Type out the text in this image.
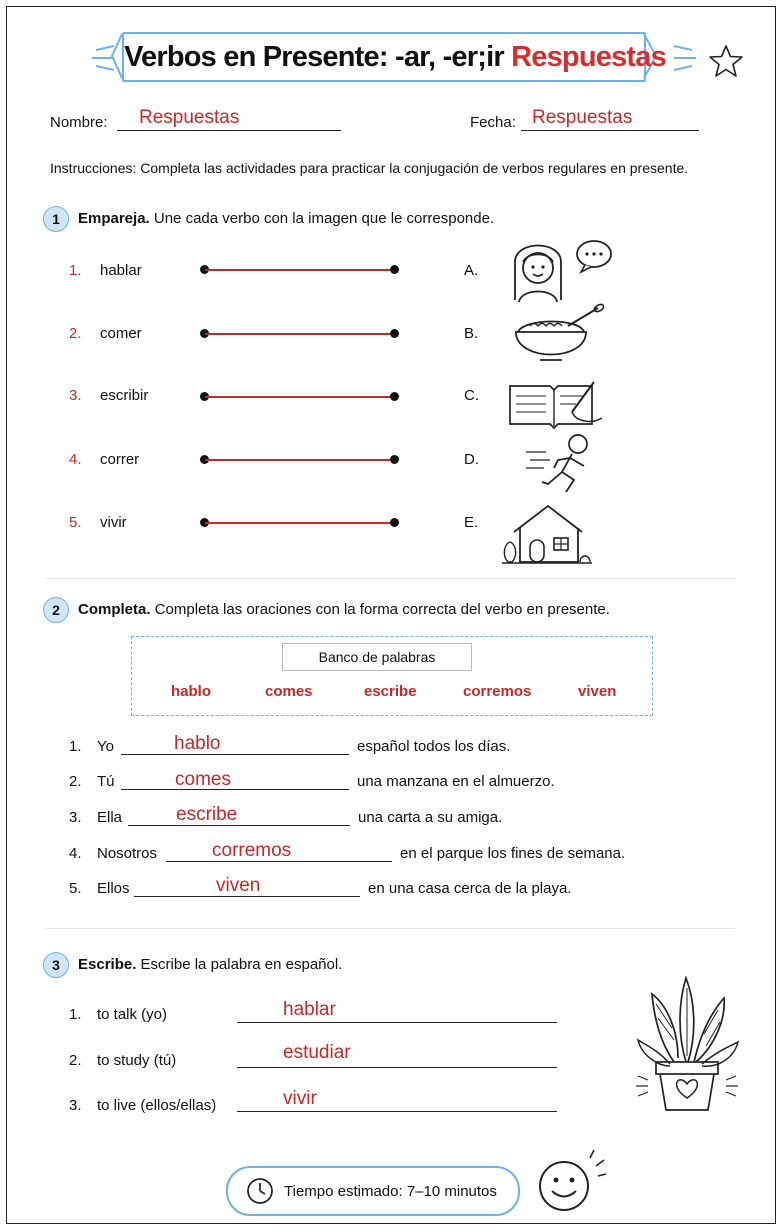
Verbos en Presente: -ar, -er;ir Respuestas
Nombre: Respuestas	Fecha: Respuestas
Instrucciones: Completa las actividades para practicar la conjugación de verbos regulares en presente.
1	Empareja. Une cada verbo con la imagen que le corresponde.
1. hablar	A.
2. comer	B.
3. escribir	C.
4. correr	D.
5. vivir	E.
2	Completa. Completa las oraciones con la forma correcta del verbo en presente.
Banco de palabras
hablo	comes	escribe	corremos	viven
1. Yo	hablo	español todos los días.
2. Tú	comes	una manzana en el almuerzo.
3. Ella	escribe	una carta a su amiga.
4. Nosotros	corremos	en el parque los fines de semana.
5. Ellos	viven	en una casa cerca de la playa.
3	Escribe. Escribe la palabra en español.
1. to talk (yo)	hablar
2. to study (tú)	estudiar
3. to live (ellos/ellas)	vivir
Tiempo estimado: 7–10 minutos
